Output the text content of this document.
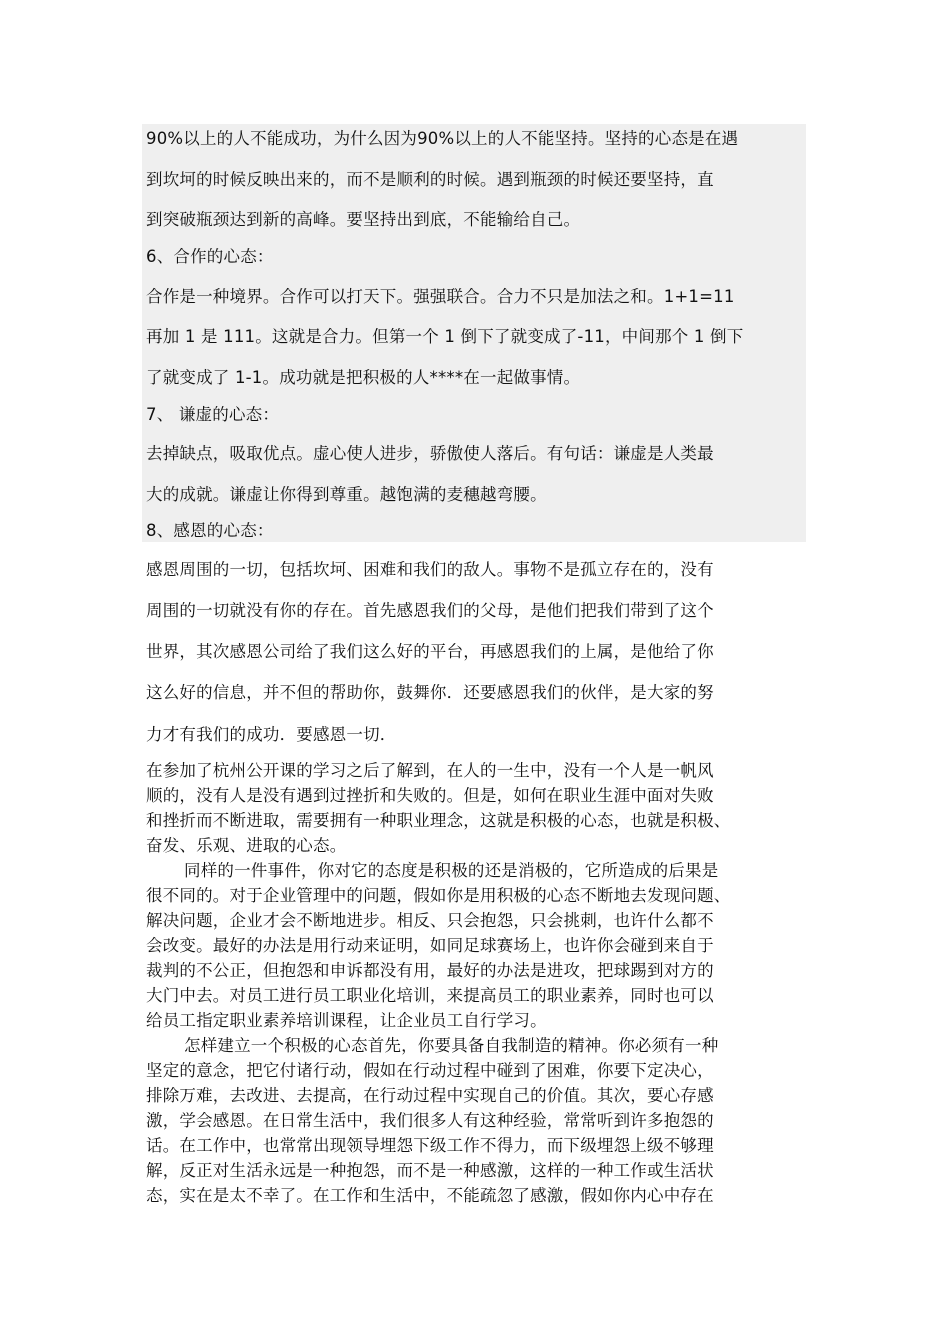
90%以上的人不能成功，为什么因为90%以上的人不能坚持。坚持的心态是在遇
到坎坷的时候反映出来的，而不是顺利的时候。遇到瓶颈的时候还要坚持，直
到突破瓶颈达到新的高峰。要坚持出到底，不能输给自己。
6、合作的心态：
合作是一种境界。合作可以打天下。强强联合。合力不只是加法之和。1+1=11
再加 1 是 111。这就是合力。但第一个 1 倒下了就变成了-11，中间那个 1 倒下
了就变成了 1-1。成功就是把积极的人****在一起做事情。
7、 谦虚的心态：
去掉缺点，吸取优点。虚心使人进步，骄傲使人落后。有句话：谦虚是人类最
大的成就。谦虚让你得到尊重。越饱满的麦穗越弯腰。
8、感恩的心态：
感恩周围的一切，包括坎坷、困难和我们的敌人。事物不是孤立存在的，没有
周围的一切就没有你的存在。首先感恩我们的父母，是他们把我们带到了这个
世界，其次感恩公司给了我们这么好的平台，再感恩我们的上属，是他给了你
这么好的信息，并不但的帮助你，鼓舞你．还要感恩我们的伙伴，是大家的努
力才有我们的成功．要感恩一切．
在参加了杭州公开课的学习之后了解到，在人的一生中，没有一个人是一帆风
顺的，没有人是没有遇到过挫折和失败的。但是，如何在职业生涯中面对失败
和挫折而不断进取，需要拥有一种职业理念，这就是积极的心态，也就是积极、
奋发、乐观、进取的心态。
同样的一件事件，你对它的态度是积极的还是消极的，它所造成的后果是
很不同的。对于企业管理中的问题，假如你是用积极的心态不断地去发现问题、
解决问题，企业才会不断地进步。相反、只会抱怨，只会挑刺，也许什么都不
会改变。最好的办法是用行动来证明，如同足球赛场上，也许你会碰到来自于
裁判的不公正，但抱怨和申诉都没有用，最好的办法是进攻，把球踢到对方的
大门中去。对员工进行员工职业化培训，来提高员工的职业素养，同时也可以
给员工指定职业素养培训课程，让企业员工自行学习。
怎样建立一个积极的心态首先，你要具备自我制造的精神。你必须有一种
坚定的意念，把它付诸行动，假如在行动过程中碰到了困难，你要下定决心，
排除万难，去改进、去提高，在行动过程中实现自己的价值。其次，要心存感
激，学会感恩。在日常生活中，我们很多人有这种经验，常常听到许多抱怨的
话。在工作中，也常常出现领导埋怨下级工作不得力，而下级埋怨上级不够理
解，反正对生活永远是一种抱怨，而不是一种感激，这样的一种工作或生活状
态，实在是太不幸了。在工作和生活中，不能疏忽了感激，假如你内心中存在
